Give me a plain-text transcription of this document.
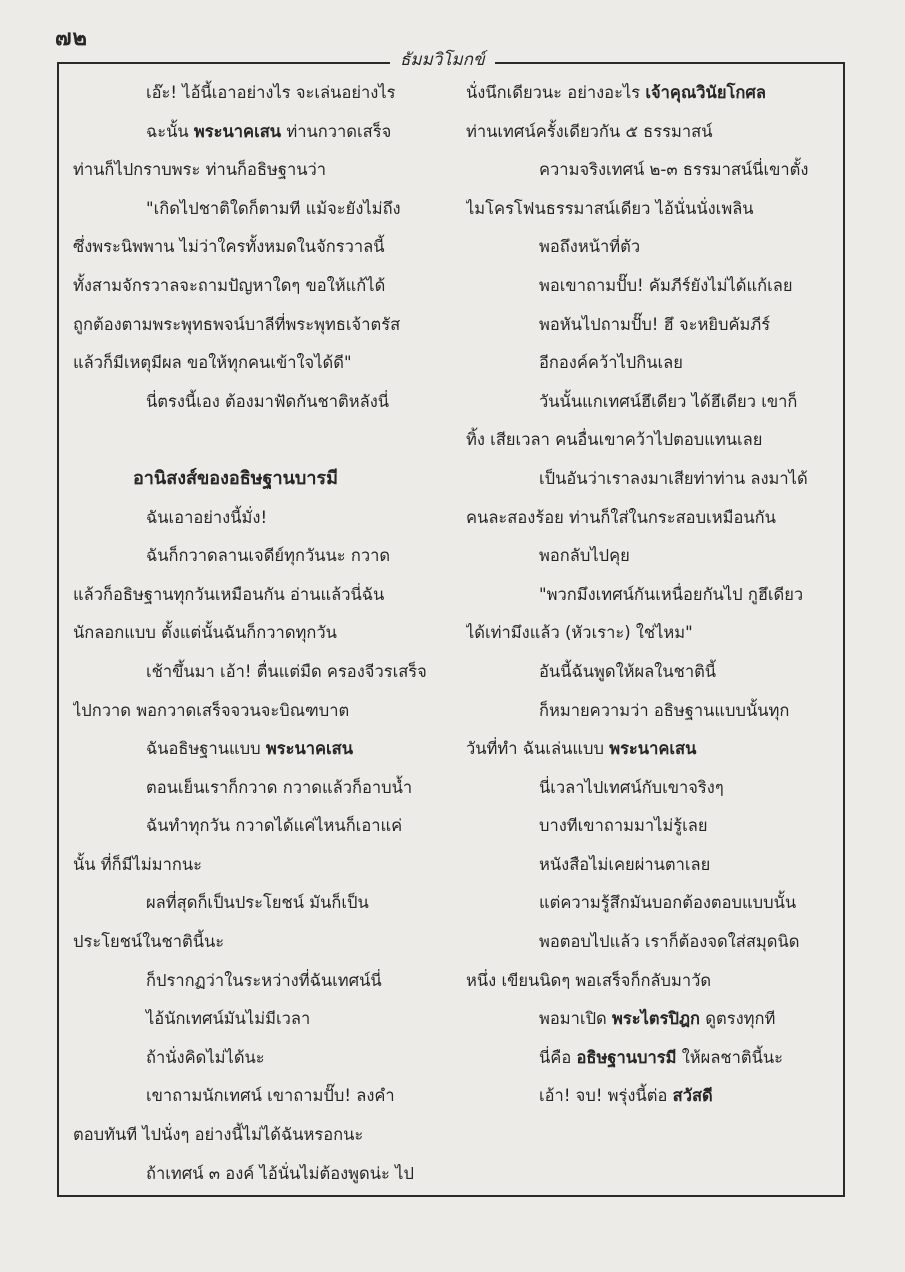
๗๒
ธัมมวิโมกข์
เอ๊ะ! ไอ้นี้เอาอย่างไร จะเล่นอย่างไร
ฉะนั้น พระนาคเสน ท่านกวาดเสร็จ
ท่านก็ไปกราบพระ ท่านก็อธิษฐานว่า
"เกิดไปชาติใดก็ตามที แม้จะยังไม่ถึง
ซึ่งพระนิพพาน ไม่ว่าใครทั้งหมดในจักรวาลนี้
ทั้งสามจักรวาลจะถามปัญหาใดๆ ขอให้แก้ได้
ถูกต้องตามพระพุทธพจน์บาลีที่พระพุทธเจ้าตรัส
แล้วก็มีเหตุมีผล ขอให้ทุกคนเข้าใจได้ดี"
นี่ตรงนี้เอง ต้องมาฟัดกันชาติหลังนี่
อานิสงส์ของอธิษฐานบารมี
ฉันเอาอย่างนี้มั่ง!
ฉันก็กวาดลานเจดีย์ทุกวันนะ กวาด
แล้วก็อธิษฐานทุกวันเหมือนกัน อ่านแล้วนี่ฉัน
นักลอกแบบ ตั้งแต่นั้นฉันก็กวาดทุกวัน
เช้าขึ้นมา เอ้า! ตื่นแต่มืด ครองจีวรเสร็จ
ไปกวาด พอกวาดเสร็จจวนจะบิณฑบาต
ฉันอธิษฐานแบบ พระนาคเสน
ตอนเย็นเราก็กวาด กวาดแล้วก็อาบน้ำ
ฉันทำทุกวัน กวาดได้แค่ไหนก็เอาแค่
นั้น ที่ก็มีไม่มากนะ
ผลที่สุดก็เป็นประโยชน์ มันก็เป็น
ประโยชน์ในชาตินี้นะ
ก็ปรากฏว่าในระหว่างที่ฉันเทศน์นี่
ไอ้นักเทศน์มันไม่มีเวลา
ถ้านั่งคิดไม่ได้นะ
เขาถามนักเทศน์ เขาถามปั๊บ! ลงคำ
ตอบทันที ไปนั่งๆ อย่างนี้ไม่ได้ฉันหรอกนะ
ถ้าเทศน์ ๓ องค์ ไอ้นั่นไม่ต้องพูดน่ะ ไป
นั่งนึกเดียวนะ อย่างอะไร เจ้าคุณวินัยโกศล
ท่านเทศน์ครั้งเดียวกัน ๕ ธรรมาสน์
ความจริงเทศน์ ๒-๓ ธรรมาสน์นี่เขาตั้ง
ไมโครโฟนธรรมาสน์เดียว ไอ้นั่นนั่งเพลิน
พอถึงหน้าที่ตัว
พอเขาถามปั๊บ! คัมภีร์ยังไม่ได้แก้เลย
พอหันไปถามปั๊บ! ฮึ จะหยิบคัมภีร์
อีกองค์คว้าไปกินเลย
วันนั้นแกเทศน์ฮึเดียว ได้ฮึเดียว เขาก็
ทิ้ง เสียเวลา คนอื่นเขาคว้าไปตอบแทนเลย
เป็นอันว่าเราลงมาเสียท่าท่าน ลงมาได้
คนละสองร้อย ท่านก็ใส่ในกระสอบเหมือนกัน
พอกลับไปคุย
"พวกมึงเทศน์กันเหนื่อยกันไป กูฮึเดียว
ได้เท่ามึงแล้ว (หัวเราะ) ใช่ไหม"
อันนี้ฉันพูดให้ผลในชาตินี้
ก็หมายความว่า อธิษฐานแบบนั้นทุก
วันที่ทำ ฉันเล่นแบบ พระนาคเสน
นี่เวลาไปเทศน์กับเขาจริงๆ
บางทีเขาถามมาไม่รู้เลย
หนังสือไม่เคยผ่านตาเลย
แต่ความรู้สึกมันบอกต้องตอบแบบนั้น
พอตอบไปแล้ว เราก็ต้องจดใส่สมุดนิด
หนึ่ง เขียนนิดๆ พอเสร็จก็กลับมาวัด
พอมาเปิด พระไตรปิฎก ดูตรงทุกที
นี่คือ อธิษฐานบารมี ให้ผลชาตินี้นะ
เอ้า! จบ! พรุ่งนี้ต่อ สวัสดี
